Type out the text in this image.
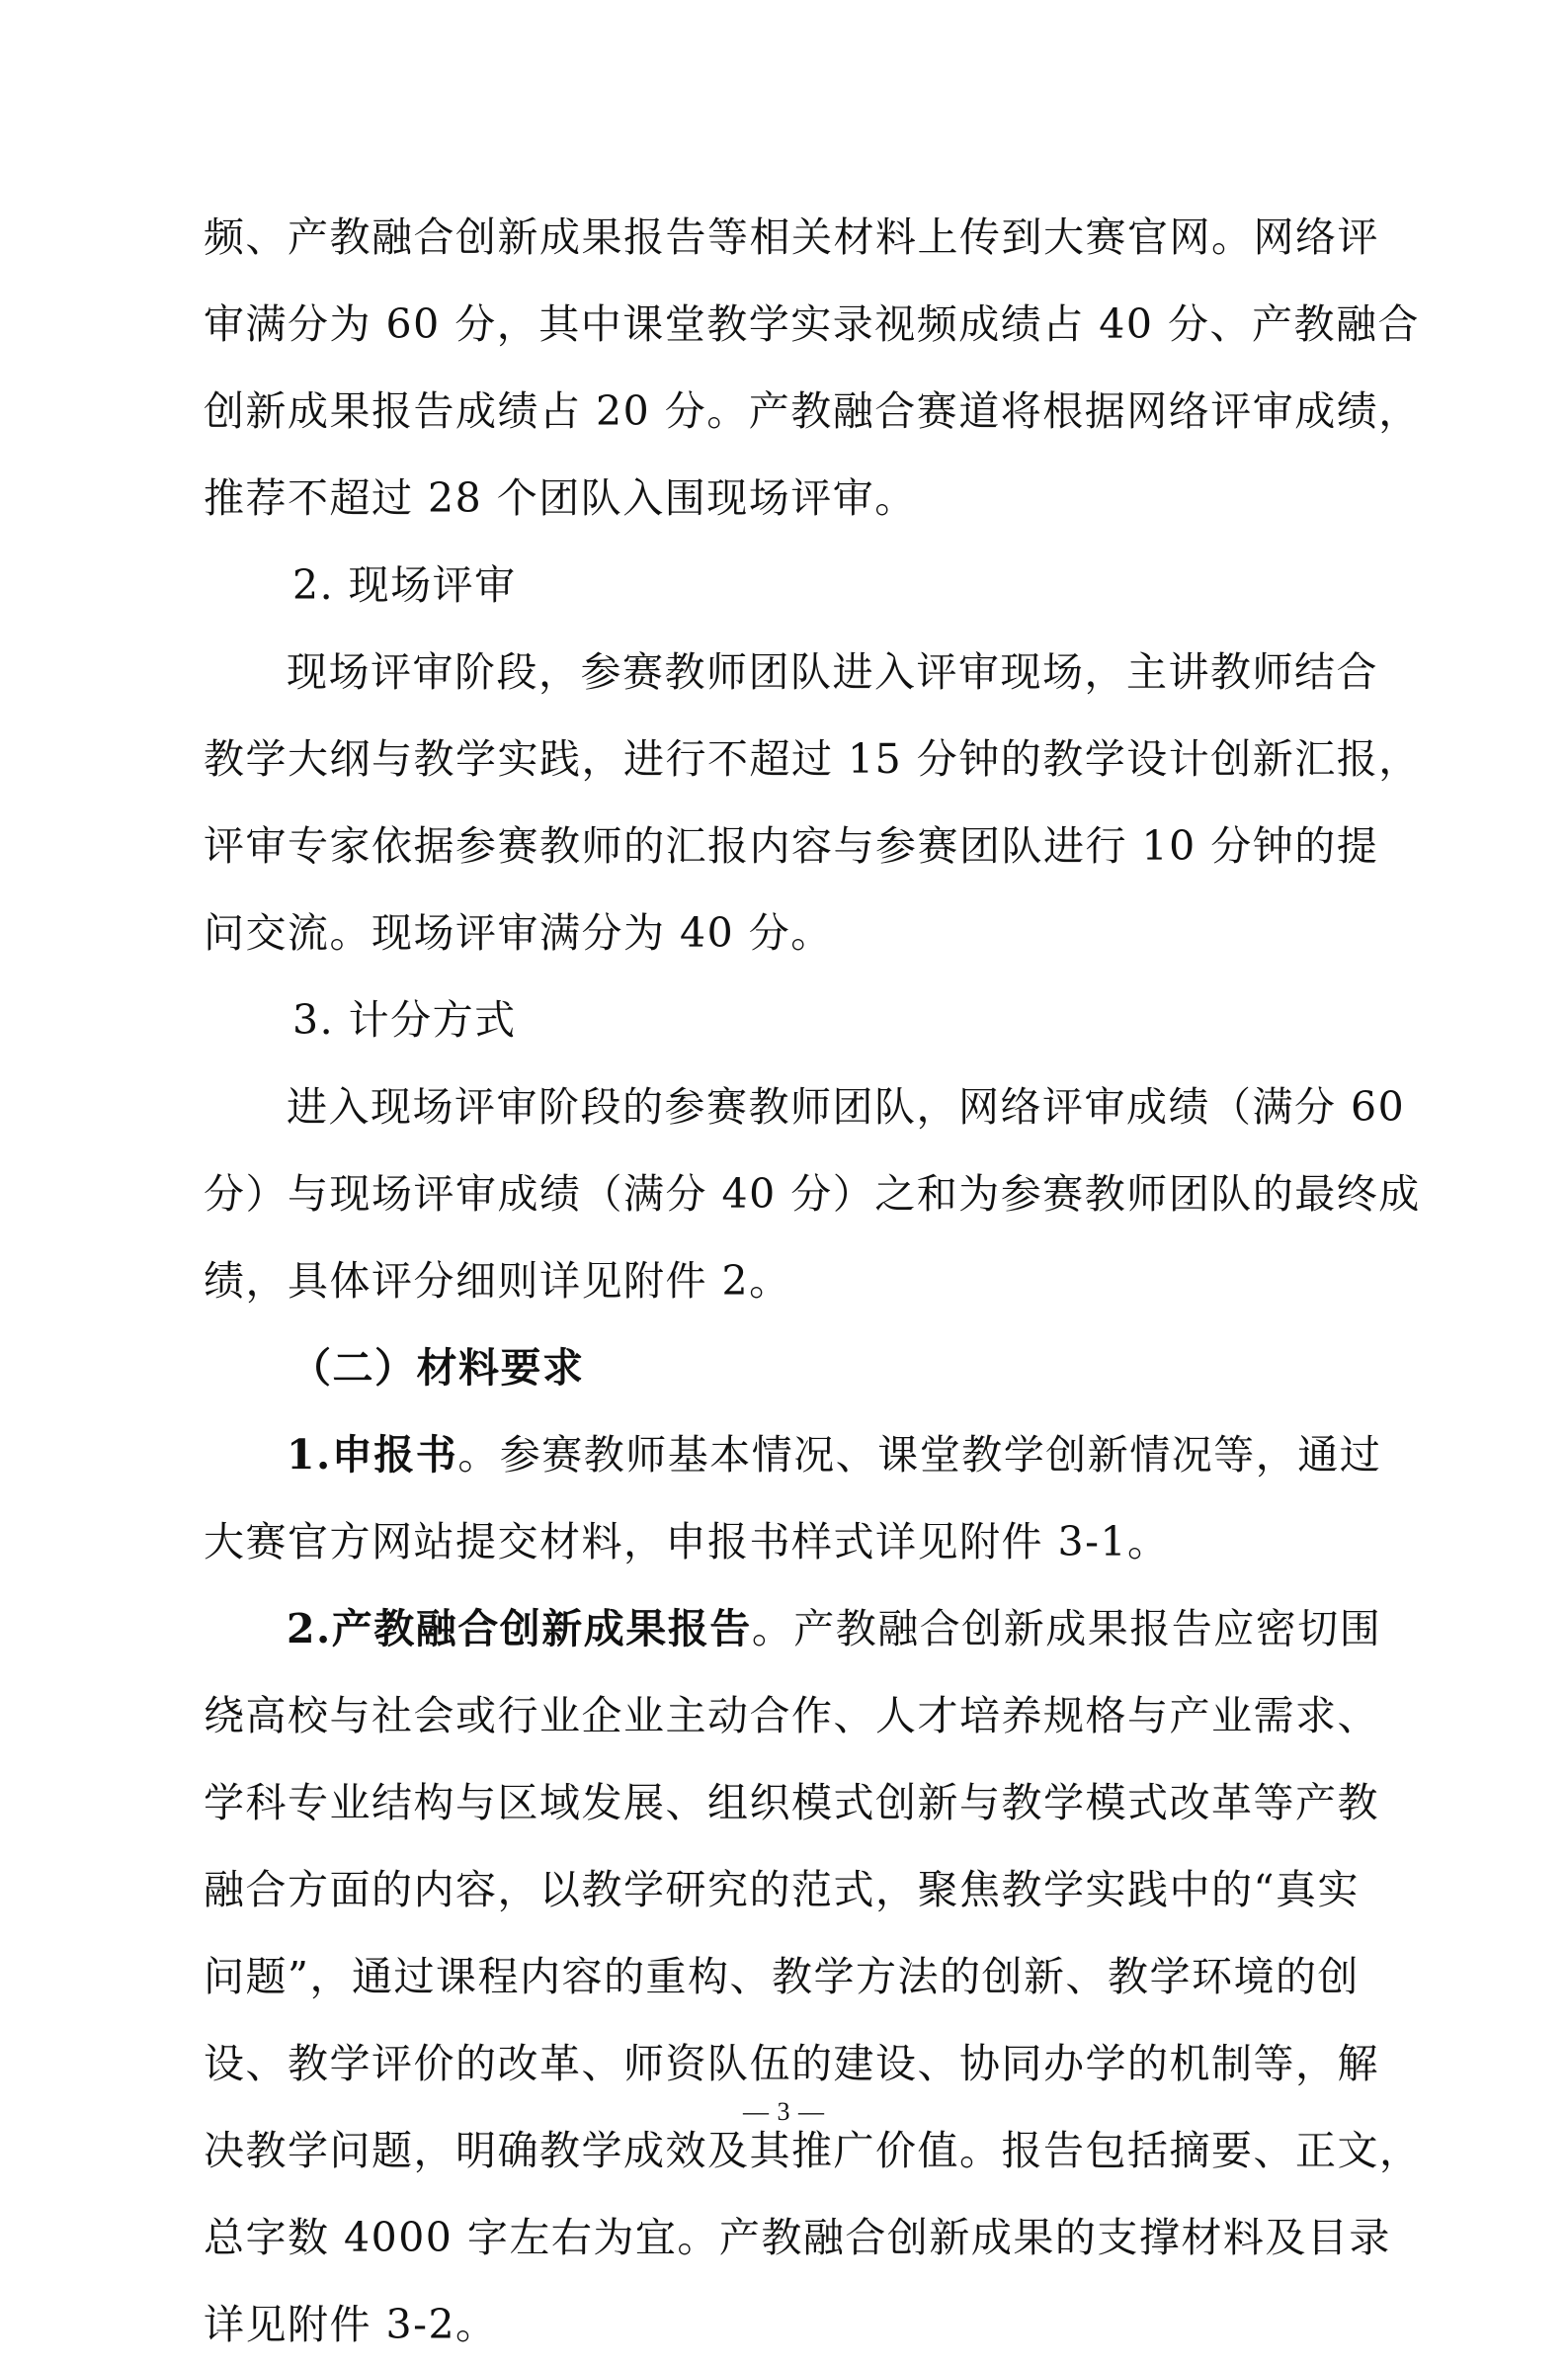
频、产教融合创新成果报告等相关材料上传到大赛官网。网络评
审满分为 60 分，其中课堂教学实录视频成绩占 40 分、产教融合
创新成果报告成绩占 20 分。产教融合赛道将根据网络评审成绩，
推荐不超过 28 个团队入围现场评审。
2. 现场评审
现场评审阶段，参赛教师团队进入评审现场，主讲教师结合
教学大纲与教学实践，进行不超过 15 分钟的教学设计创新汇报，
评审专家依据参赛教师的汇报内容与参赛团队进行 10 分钟的提
问交流。现场评审满分为 40 分。
3. 计分方式
进入现场评审阶段的参赛教师团队，网络评审成绩（满分 60
分）与现场评审成绩（满分 40 分）之和为参赛教师团队的最终成
绩，具体评分细则详见附件 2。
（二）材料要求
1.申报书。参赛教师基本情况、课堂教学创新情况等，通过
大赛官方网站提交材料，申报书样式详见附件 3-1。
2.产教融合创新成果报告。产教融合创新成果报告应密切围
绕高校与社会或行业企业主动合作、人才培养规格与产业需求、
学科专业结构与区域发展、组织模式创新与教学模式改革等产教
融合方面的内容，以教学研究的范式，聚焦教学实践中的“真实
问题”，通过课程内容的重构、教学方法的创新、教学环境的创
设、教学评价的改革、师资队伍的建设、协同办学的机制等，解
决教学问题，明确教学成效及其推广价值。报告包括摘要、正文，
总字数 4000 字左右为宜。产教融合创新成果的支撑材料及目录
详见附件 3-2。
— 3 —
